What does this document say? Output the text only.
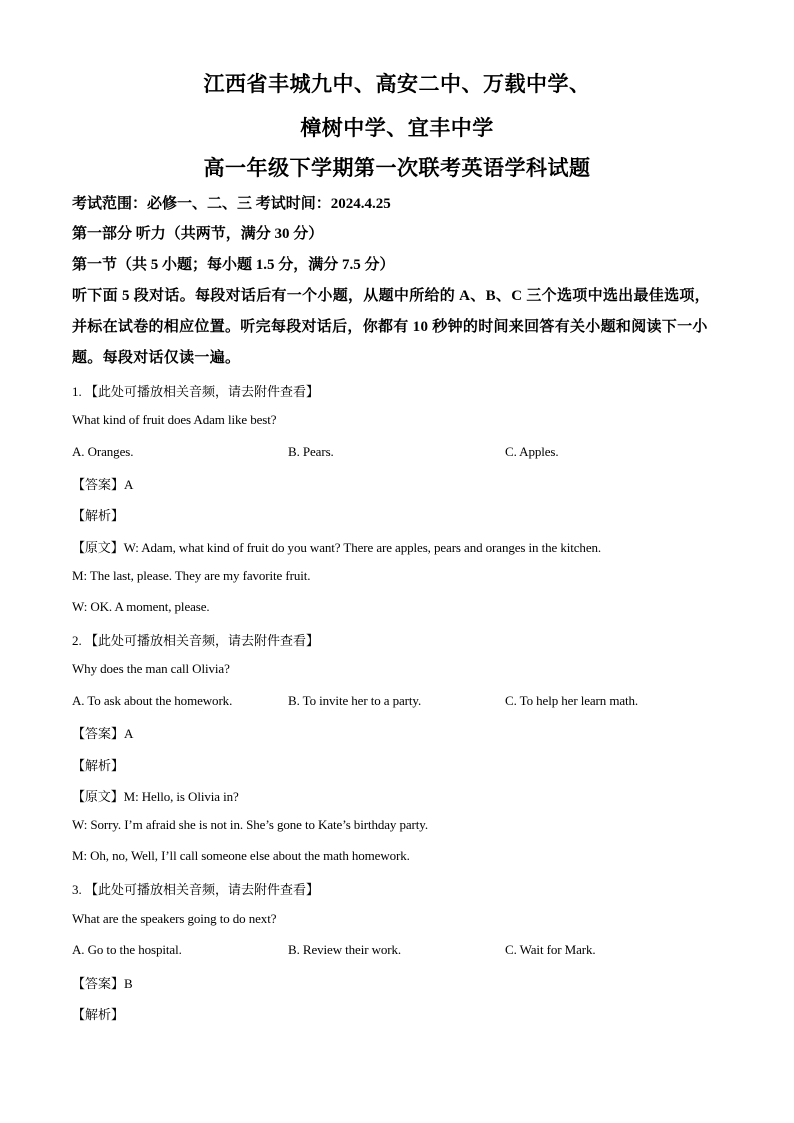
江西省丰城九中、高安二中、万载中学、
樟树中学、宜丰中学
高一年级下学期第一次联考英语学科试题
考试范围：必修一、二、三 考试时间：2024.4.25
第一部分 听力（共两节，满分 30 分）
第一节（共 5 小题；每小题 1.5 分，满分 7.5 分）
听下面 5 段对话。每段对话后有一个小题，从题中所给的 A、B、C 三个选项中选出最佳选项，并标在试卷的相应位置。听完每段对话后，你都有 10 秒钟的时间来回答有关小题和阅读下一小题。每段对话仅读一遍。
1. 【此处可播放相关音频，请去附件查看】
What kind of fruit does Adam like best?
A. Oranges.	B. Pears.	C. Apples.
【答案】A
【解析】
【原文】W: Adam, what kind of fruit do you want? There are apples, pears and oranges in the kitchen.
M: The last, please. They are my favorite fruit.
W: OK. A moment, please.
2. 【此处可播放相关音频，请去附件查看】
Why does the man call Olivia?
A. To ask about the homework.	B. To invite her to a party.	C. To help her learn math.
【答案】A
【解析】
【原文】M: Hello, is Olivia in?
W: Sorry. I’m afraid she is not in. She’s gone to Kate’s birthday party.
M: Oh, no, Well, I’ll call someone else about the math homework.
3. 【此处可播放相关音频，请去附件查看】
What are the speakers going to do next?
A. Go to the hospital.	B. Review their work.	C. Wait for Mark.
【答案】B
【解析】
